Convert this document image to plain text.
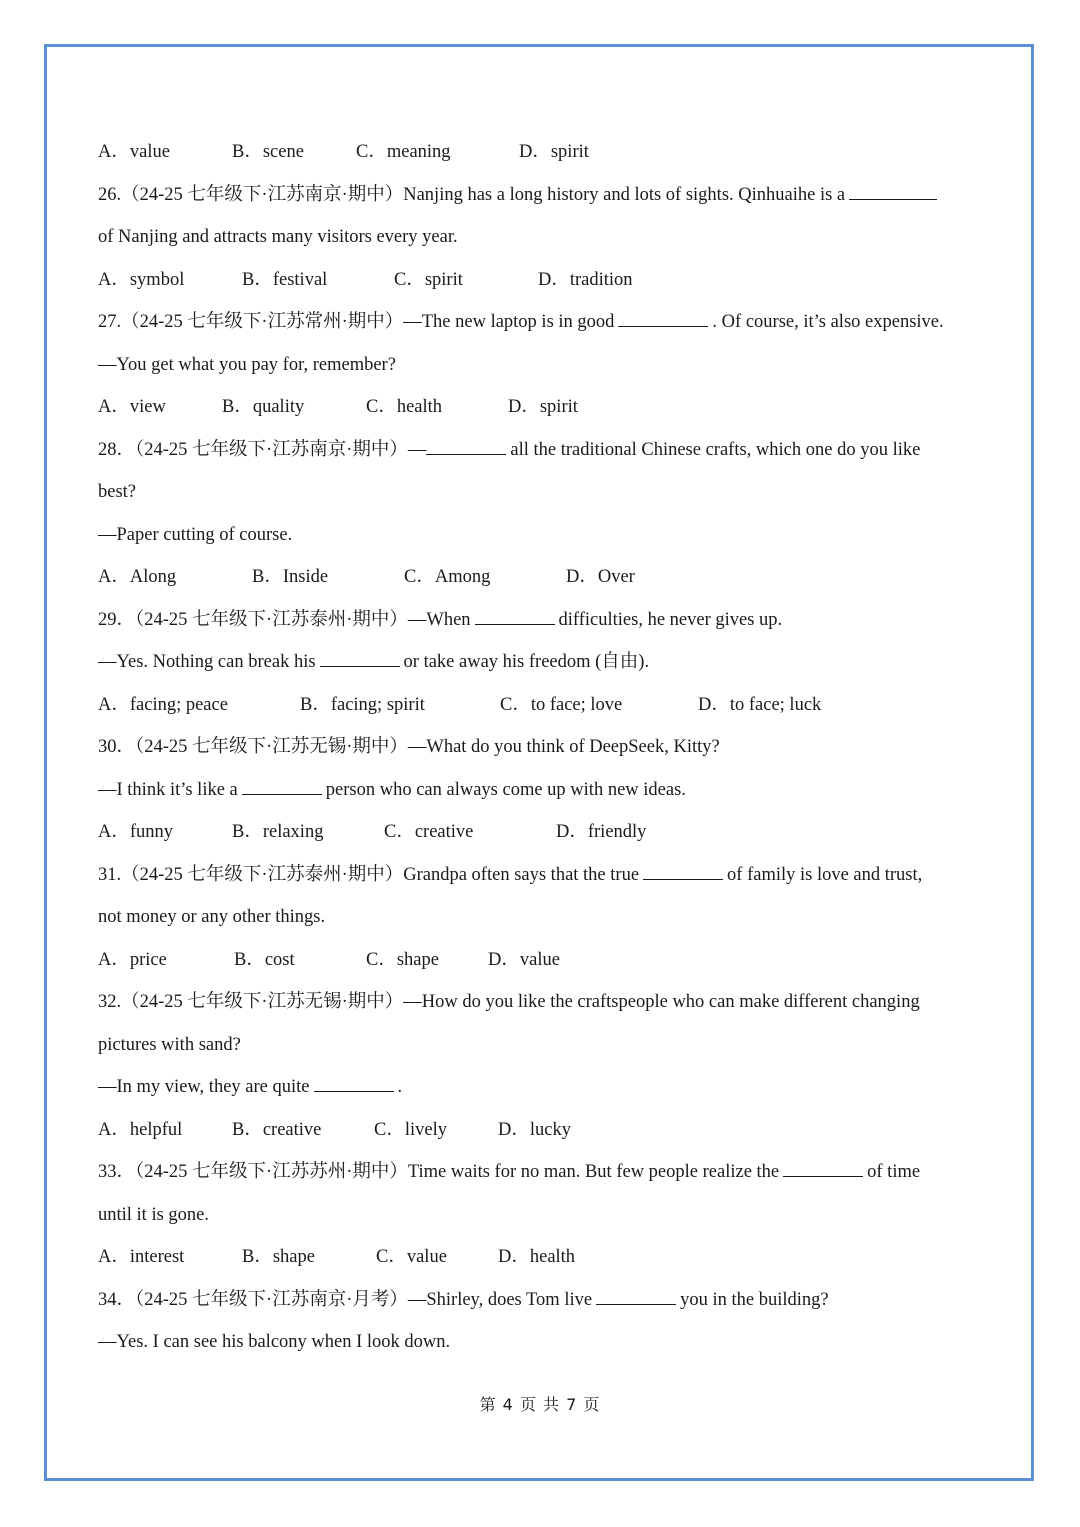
A．value	B．scene	C．meaning	D．spirit
26.（24-25 七年级下·江苏南京·期中）Nanjing has a long history and lots of sights. Qinhuaihe is a
of Nanjing and attracts many visitors every year.
A．symbol	B．festival	C．spirit	D．tradition
27.（24-25 七年级下·江苏常州·期中）—The new laptop is in good	. Of course, it’s also expensive.
—You get what you pay for, remember?
A．view	B．quality	C．health	D．spirit
28．（24-25 七年级下·江苏南京·期中）—	all the traditional Chinese crafts, which one do you like
best?
—Paper cutting of course.
A．Along	B．Inside	C．Among	D．Over
29．（24-25 七年级下·江苏泰州·期中）—When	difficulties, he never gives up.
—Yes. Nothing can break his	or take away his freedom (自由).
A．facing; peace	B．facing; spirit	C．to face; love	D．to face; luck
30．（24-25 七年级下·江苏无锡·期中）—What do you think of DeepSeek, Kitty?
—I think it’s like a	person who can always come up with new ideas.
A．funny	B．relaxing	C．creative	D．friendly
31.（24-25 七年级下·江苏泰州·期中）Grandpa often says that the true	of family is love and trust,
not money or any other things.
A．price	B．cost	C．shape	D．value
32.（24-25 七年级下·江苏无锡·期中）—How do you like the craftspeople who can make different changing
pictures with sand?
—In my view, they are quite	.
A．helpful	B．creative	C．lively	D．lucky
33．（24-25 七年级下·江苏苏州·期中）Time waits for no man. But few people realize the	of time
until it is gone.
A．interest	B．shape	C．value	D．health
34．（24-25 七年级下·江苏南京·月考）—Shirley, does Tom live	you in the building?
—Yes. I can see his balcony when I look down.
第 4 页 共 7 页
